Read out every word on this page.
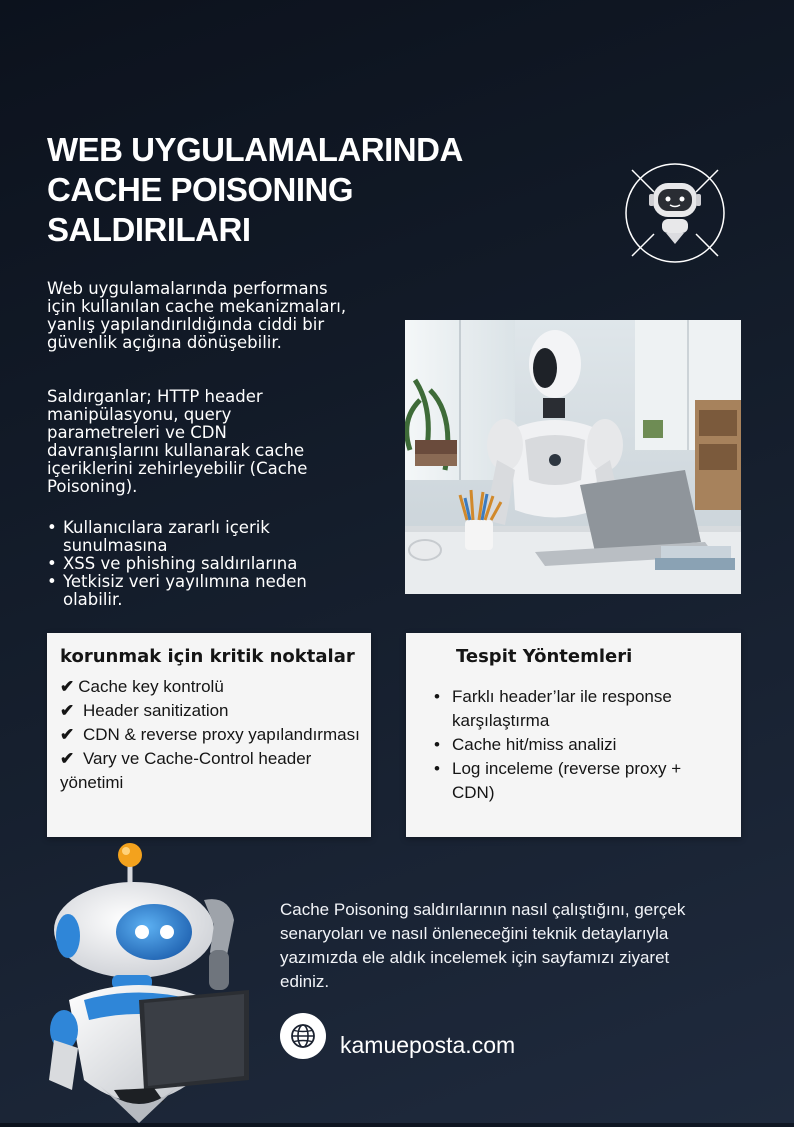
WEB UYGULAMALARINDA
CACHE POISONING
SALDIRILARI

Web uygulamalarında performans için kullanılan cache mekanizmaları, yanlış yapılandırıldığında ciddi bir güvenlik açığına dönüşebilir.

Saldırganlar; HTTP header manipülasyonu, query parametreleri ve CDN davranışlarını kullanarak cache içeriklerini zehirleyebilir (Cache Poisoning).

• Kullanıcılara zararlı içerik sunulmasına
• XSS ve phishing saldırılarına
• Yetkisiz veri yayılımına neden olabilir.
korunmak için kritik noktalar
✔ Cache key kontrolü
✔ Header sanitization
✔ CDN & reverse proxy yapılandırması
✔ Vary ve Cache-Control header yönetimi
Tespit Yöntemleri
• Farklı header’lar ile response karşılaştırma
• Cache hit/miss analizi
• Log inceleme (reverse proxy + CDN)

Cache Poisoning saldırılarının nasıl çalıştığını, gerçek senaryoları ve nasıl önleneceğini teknik detaylarıyla yazımızda ele aldık incelemek için sayfamızı ziyaret ediniz.

kamueposta.com
